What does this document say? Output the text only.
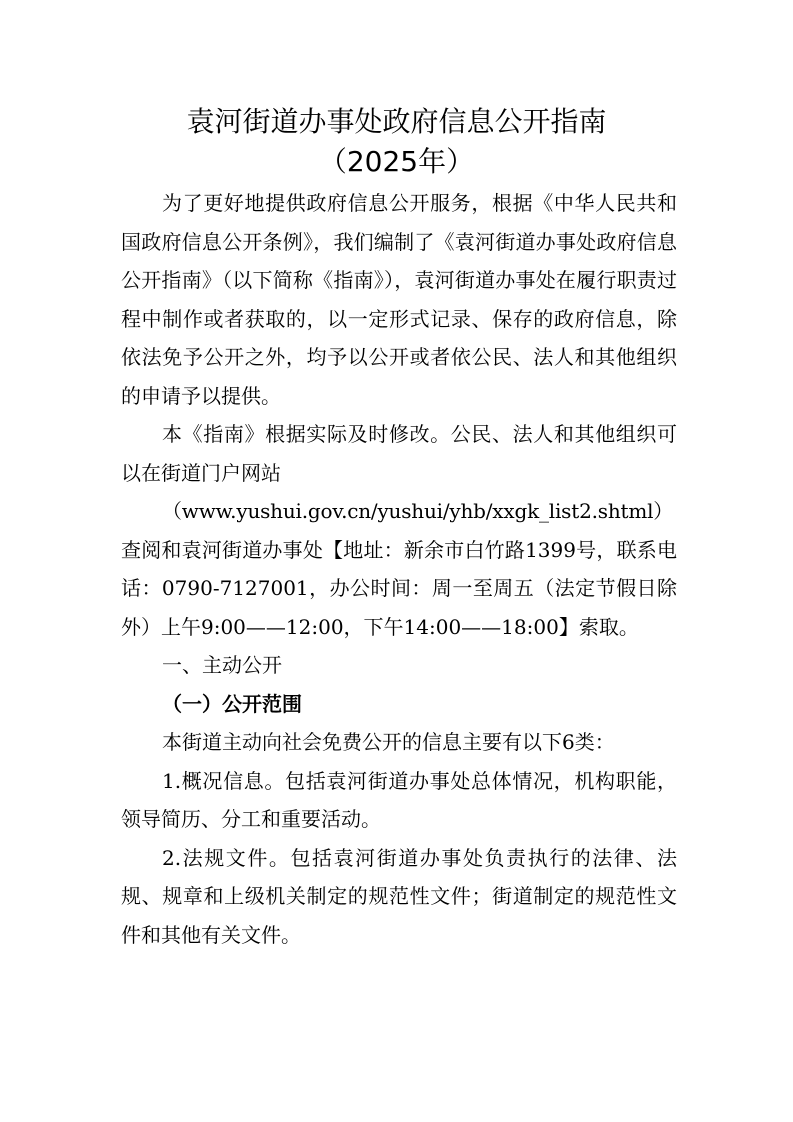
袁河街道办事处政府信息公开指南
（2025年）

为了更好地提供政府信息公开服务，根据《中华人民共和国政府信息公开条例》，我们编制了《袁河街道办事处政府信息公开指南》（以下简称《指南》），袁河街道办事处在履行职责过程中制作或者获取的，以一定形式记录、保存的政府信息，除依法免予公开之外，均予以公开或者依公民、法人和其他组织的申请予以提供。

本《指南》根据实际及时修改。公民、法人和其他组织可以在街道门户网站

（www.yushui.gov.cn/yushui/yhb/xxgk_list2.shtml）

查阅和袁河街道办事处【地址：新余市白竹路1399号，联系电话：0790-7127001，办公时间：周一至周五（法定节假日除外）上午9:00——12:00，下午14:00——18:00】索取。

一、主动公开

（一）公开范围

本街道主动向社会免费公开的信息主要有以下6类：

1.概况信息。包括袁河街道办事处总体情况，机构职能，领导简历、分工和重要活动。

2.法规文件。包括袁河街道办事处负责执行的法律、法规、规章和上级机关制定的规范性文件；街道制定的规范性文件和其他有关文件。
